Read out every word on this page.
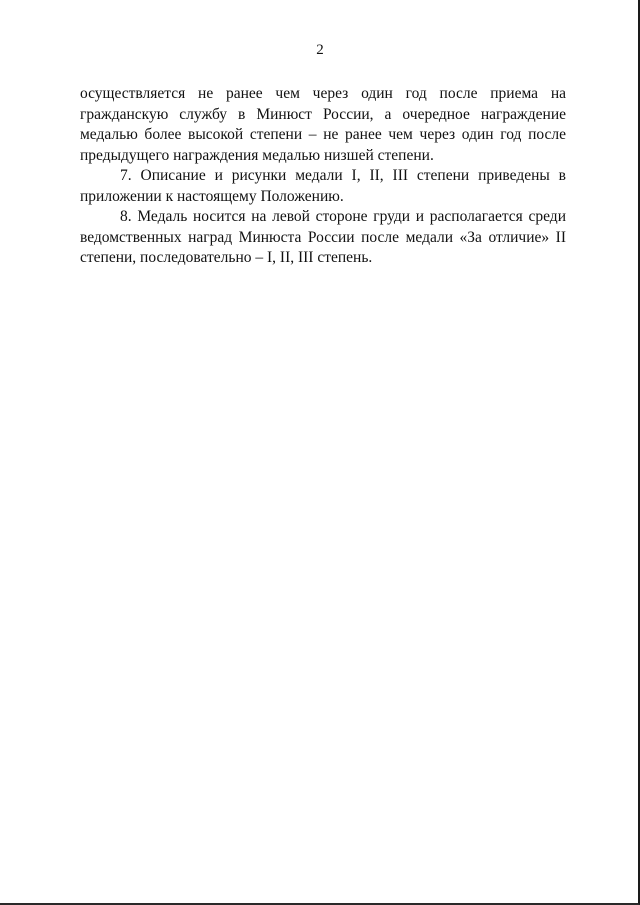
2

осуществляется не ранее чем через один год после приема на гражданскую службу в Минюст России, а очередное награждение медалью более высокой степени – не ранее чем через один год после предыдущего награждения медалью низшей степени.

7. Описание и рисунки медали I, II, III степени приведены в приложении к настоящему Положению.

8. Медаль носится на левой стороне груди и располагается среди ведомственных наград Минюста России после медали «За отличие» II степени, последовательно – I, II, III степень.
